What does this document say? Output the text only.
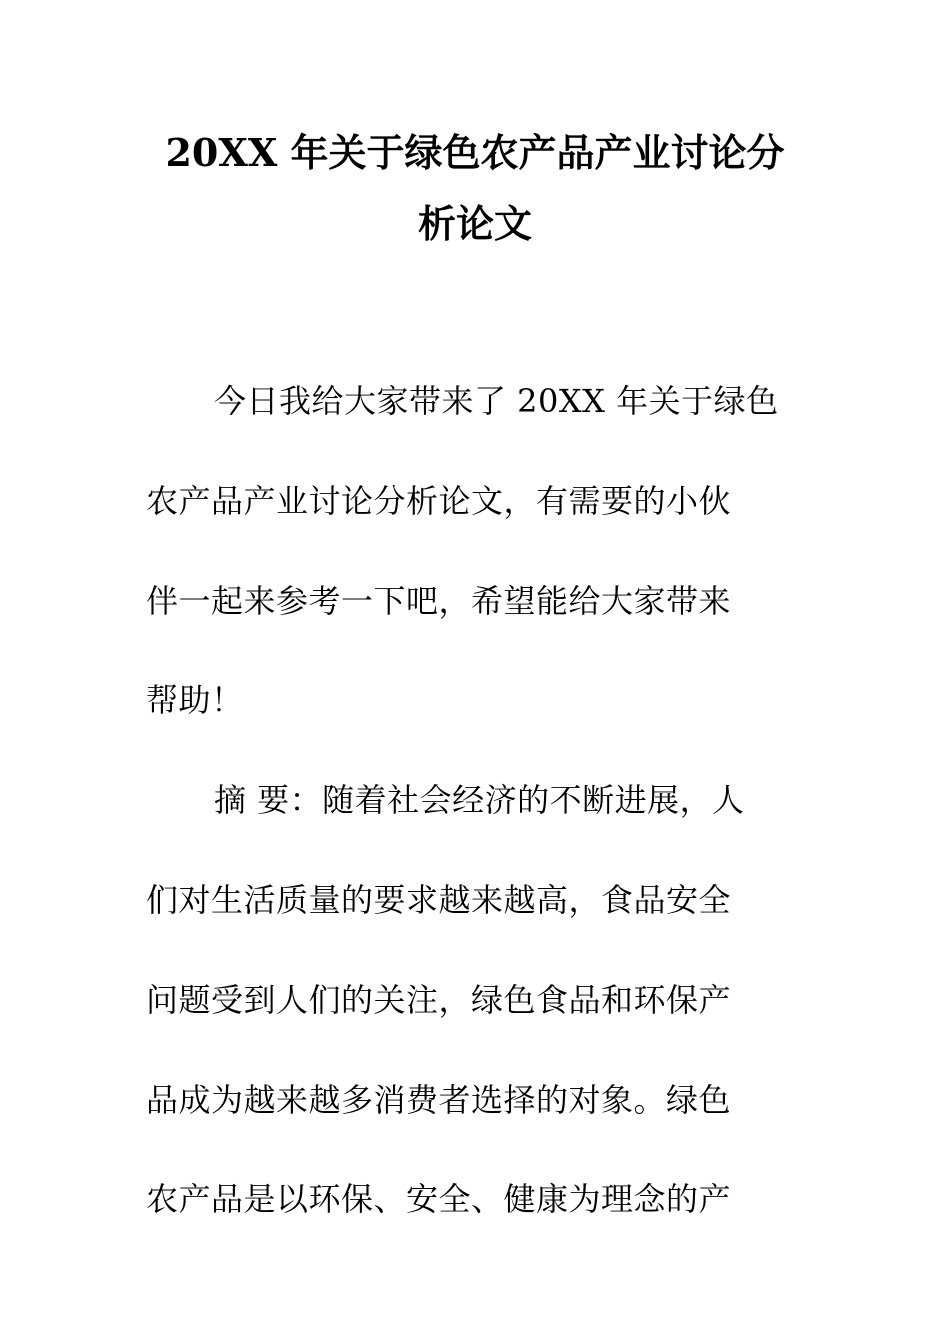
20XX 年关于绿色农产品产业讨论分
析论文
今日我给大家带来了 20XX 年关于绿色
农产品产业讨论分析论文，有需要的小伙
伴一起来参考一下吧，希望能给大家带来
帮助！
摘 要：随着社会经济的不断进展，人
们对生活质量的要求越来越高，食品安全
问题受到人们的关注，绿色食品和环保产
品成为越来越多消费者选择的对象。绿色
农产品是以环保、安全、健康为理念的产
